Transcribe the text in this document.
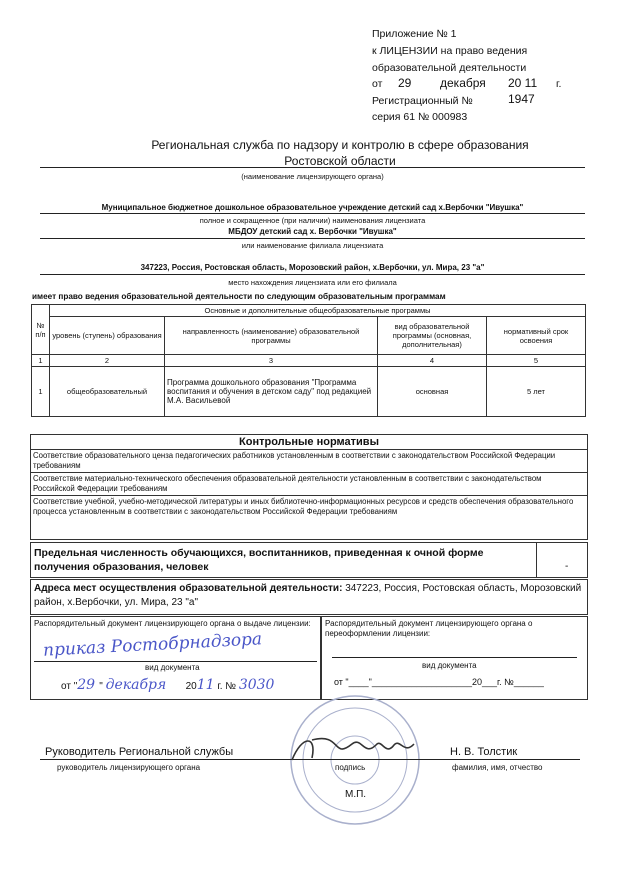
Приложение № 1
к ЛИЦЕНЗИИ на право ведения
образовательной деятельности
от 29 декабря 20 11 г.
Регистрационный №	1947
серия 61 № 000983
Региональная служба по надзору и контролю в сфере образования
Ростовской области
(наименование лицензирующего органа)
Муниципальное бюджетное дошкольное образовательное учреждение детский сад х.Вербочки "Ивушка"
полное и сокращенное (при наличии) наименования лицензиата
МБДОУ детский сад х. Вербочки "Ивушка"
или наименование филиала лицензиата
347223, Россия, Ростовская область, Морозовский район, х.Вербочки, ул. Мира, 23 "а"
место нахождения лицензиата или его филиала
имеет право ведения образовательной деятельности по следующим образовательным программам
№ п/п	Основные и дополнительные общеобразовательные программы			
	уровень (ступень) образования	направленность (наименование) образовательной программы	вид образовательной программы (основная, дополнительная)	нормативный срок освоения
1	2	3	4	5
1	общеобразовательный	Программа дошкольного образования "Программа воспитания и обучения в детском саду" под редакцией М.А. Васильевой	основная	5 лет
Контрольные нормативы
Соответствие образовательного ценза педагогических работников установленным в соответствии с законодательством Российской Федерации требованиям
Соответствие материально-технического обеспечения образовательной деятельности установленным в соответствии с законодательством Российской Федерации требованиям
Соответствие учебной, учебно-методической литературы и иных библиотечно-информационных ресурсов и средств обеспечения образовательного процесса установленным в соответствии с законодательством Российской Федерации требованиям
Предельная численность обучающихся, воспитанников, приведенная к очной форме получения образования, человек	-
Адреса мест осуществления образовательной деятельности: 347223, Россия, Ростовская область, Морозовский район, х.Вербочки, ул. Мира, 23 "а"
Распорядительный документ лицензирующего органа о выдаче лицензии:
приказ Ростобрнадзора
вид документа
от "29 " декабря 2011 г. № 3030
Распорядительный документ лицензирующего органа о переоформлении лицензии:
вид документа
от "____"____________________20___г. №______
Руководитель Региональной службы
руководитель лицензирующего органа
Н. В. Толстик
подпись	фамилия, имя, отчество
М.П.
